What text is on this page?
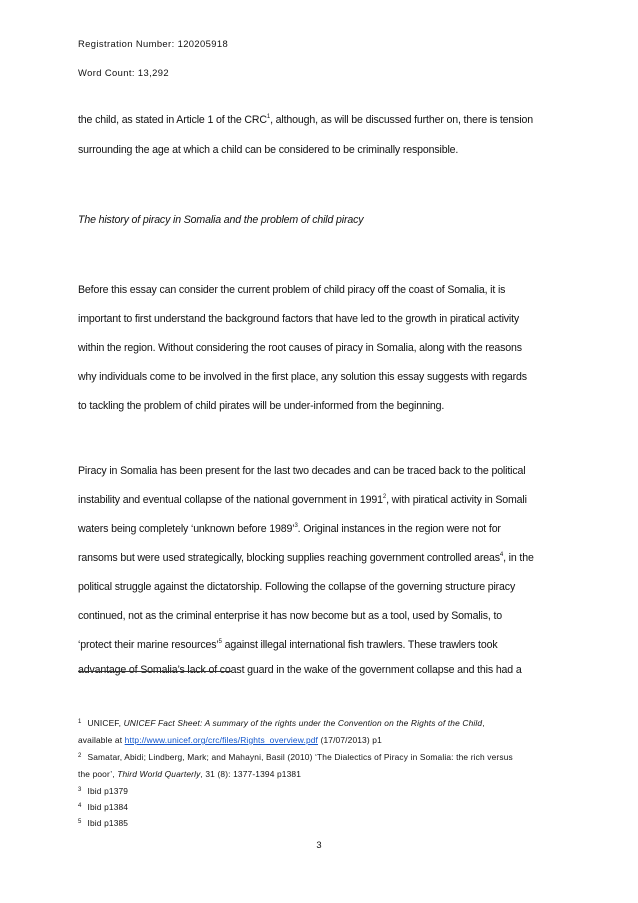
Registration Number: 120205918
Word Count: 13,292
the child, as stated in Article 1 of the CRC$^1$, although, as will be discussed further on, there is tension
surrounding the age at which a child can be considered to be criminally responsible.
The history of piracy in Somalia and the problem of child piracy
Before this essay can consider the current problem of child piracy off the coast of Somalia, it is
important to first understand the background factors that have led to the growth in piratical activity
within the region. Without considering the root causes of piracy in Somalia, along with the reasons
why individuals come to be involved in the first place, any solution this essay suggests with regards
to tackling the problem of child pirates will be under-informed from the beginning.
Piracy in Somalia has been present for the last two decades and can be traced back to the political
instability and eventual collapse of the national government in 1991$^2$, with piratical activity in Somali
waters being completely ‘unknown before 1989’$^3$. Original instances in the region were not for
ransoms but were used strategically, blocking supplies reaching government controlled areas$^4$, in the
political struggle against the dictatorship. Following the collapse of the governing structure piracy
continued, not as the criminal enterprise it has now become but as a tool, used by Somalis, to
‘protect their marine resources’$^5$ against illegal international fish trawlers. These trawlers took
advantage of Somalia’s lack of coast guard in the wake of the government collapse and this had a
$^1$ UNICEF, UNICEF Fact Sheet: A summary of the rights under the Convention on the Rights of the Child,
available at http://www.unicef.org/crc/files/Rights_overview.pdf (17/07/2013) p1
$^2$ Samatar, Abidi; Lindberg, Mark; and Mahayni, Basil (2010) ‘The Dialectics of Piracy in Somalia: the rich versus
the poor’, Third World Quarterly, 31 (8): 1377-1394 p1381
$^3$ Ibid p1379
$^4$ Ibid p1384
$^5$ Ibid p1385
3
